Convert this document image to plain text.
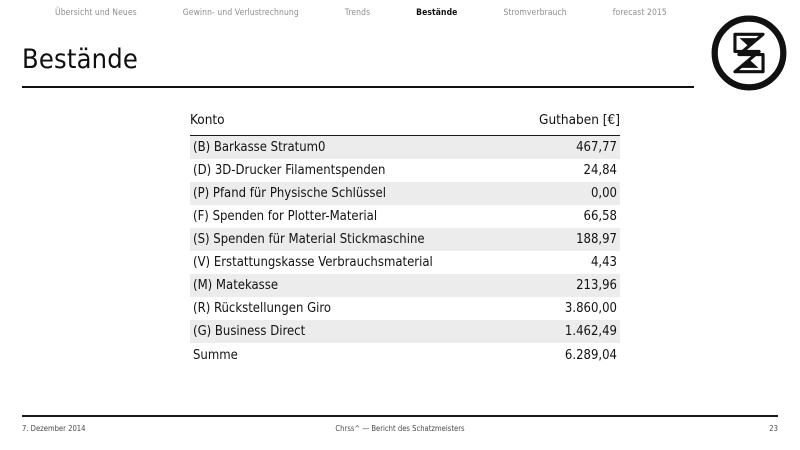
Übersicht und Neues	Gewinn- und Verlustrechnung	Trends	Bestände	Stromverbrauch	forecast 2015
Bestände
Konto	Guthaben [€]
(B) Barkasse Stratum0	467,77
(D) 3D-Drucker Filamentspenden	24,84
(P) Pfand für Physische Schlüssel	0,00
(F) Spenden for Plotter-Material	66,58
(S) Spenden für Material Stickmaschine	188,97
(V) Erstattungskasse Verbrauchsmaterial	4,43
(M) Matekasse	213,96
(R) Rückstellungen Giro	3.860,00
(G) Business Direct	1.462,49
Summe	6.289,04
7. Dezember 2014	Chrss^ — Bericht des Schatzmeisters	23
